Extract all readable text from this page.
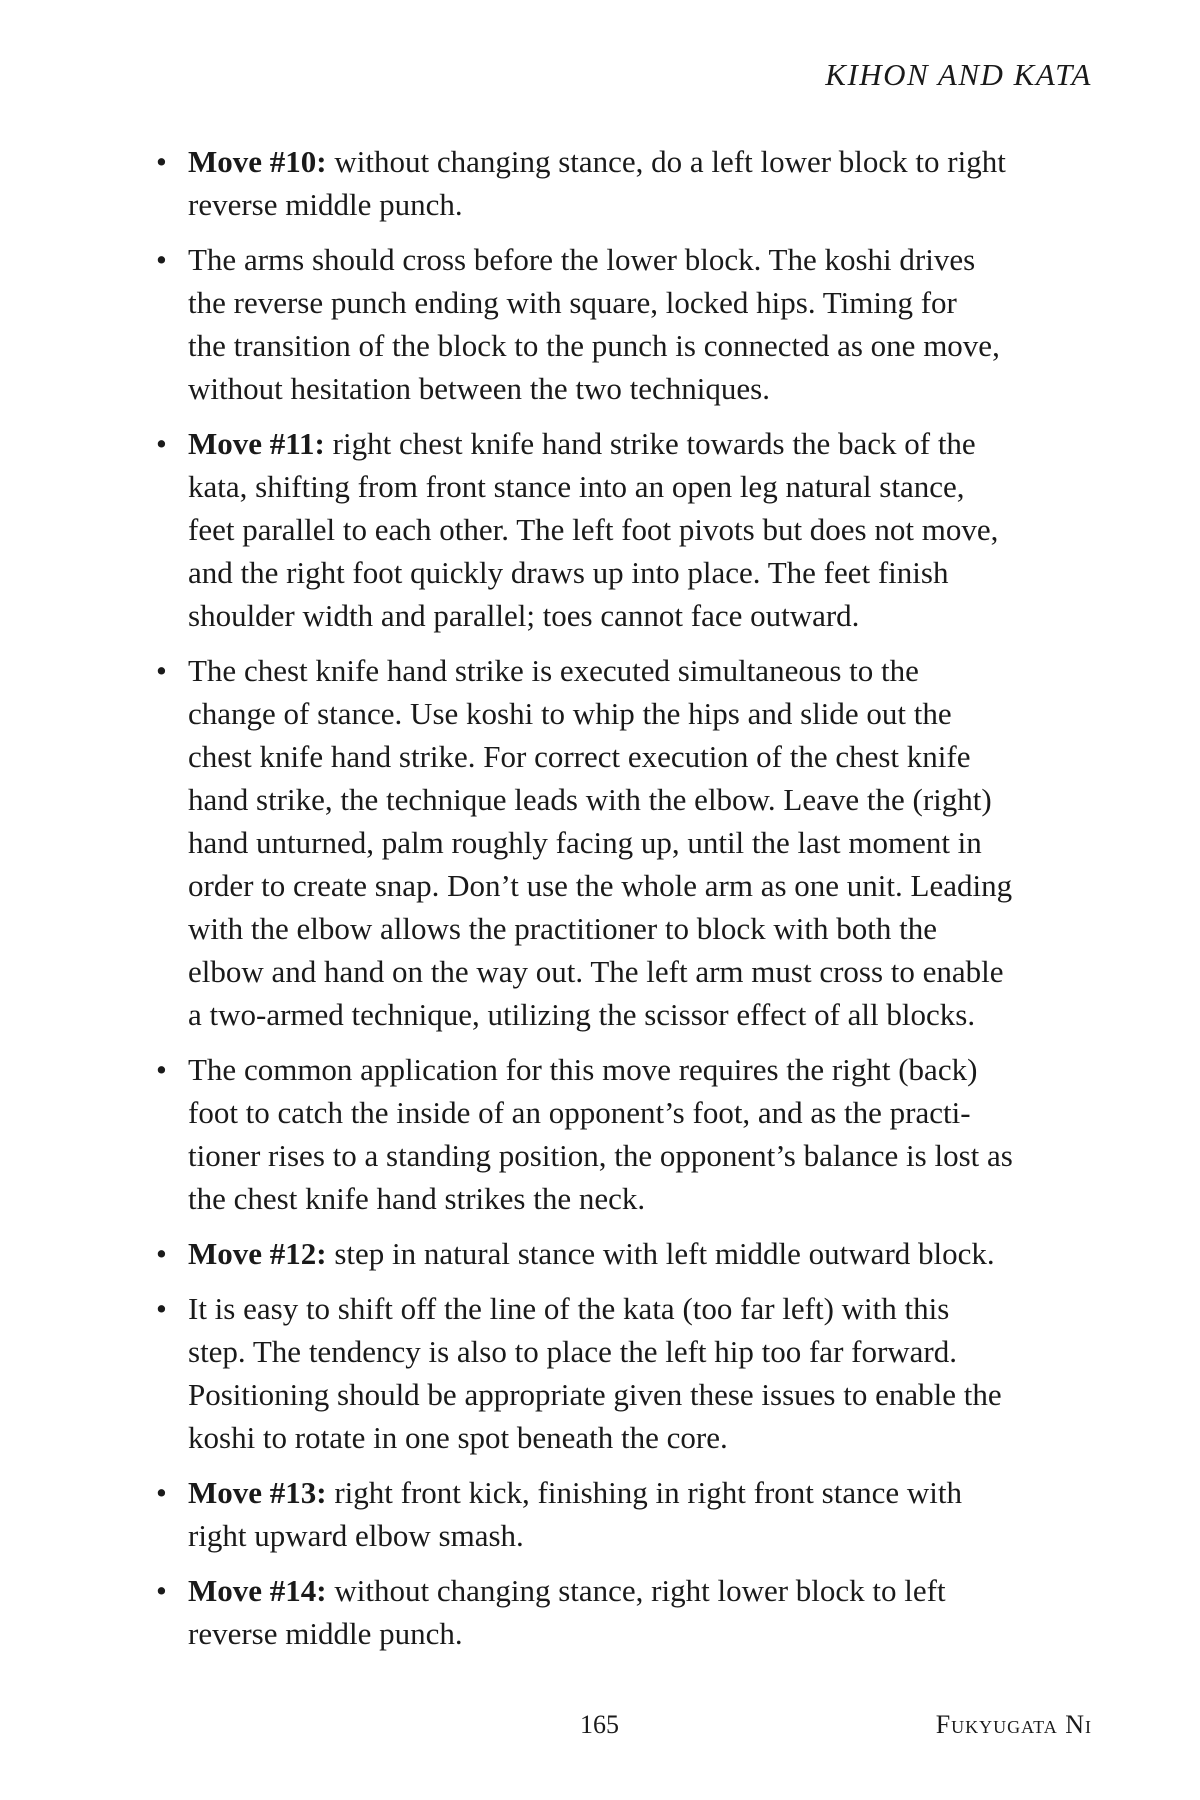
KIHON AND KATA
• Move #10: without changing stance, do a left lower block to right
reverse middle punch.
• The arms should cross before the lower block. The koshi drives
the reverse punch ending with square, locked hips. Timing for
the transition of the block to the punch is connected as one move,
without hesitation between the two techniques.
• Move #11: right chest knife hand strike towards the back of the
kata, shifting from front stance into an open leg natural stance,
feet parallel to each other. The left foot pivots but does not move,
and the right foot quickly draws up into place. The feet finish
shoulder width and parallel; toes cannot face outward.
• The chest knife hand strike is executed simultaneous to the
change of stance. Use koshi to whip the hips and slide out the
chest knife hand strike. For correct execution of the chest knife
hand strike, the technique leads with the elbow. Leave the (right)
hand unturned, palm roughly facing up, until the last moment in
order to create snap. Don’t use the whole arm as one unit. Leading
with the elbow allows the practitioner to block with both the
elbow and hand on the way out. The left arm must cross to enable
a two-armed technique, utilizing the scissor effect of all blocks.
• The common application for this move requires the right (back)
foot to catch the inside of an opponent’s foot, and as the practi-
tioner rises to a standing position, the opponent’s balance is lost as
the chest knife hand strikes the neck.
• Move #12: step in natural stance with left middle outward block.
• It is easy to shift off the line of the kata (too far left) with this
step. The tendency is also to place the left hip too far forward.
Positioning should be appropriate given these issues to enable the
koshi to rotate in one spot beneath the core.
• Move #13: right front kick, finishing in right front stance with
right upward elbow smash.
• Move #14: without changing stance, right lower block to left
reverse middle punch.
165	Fukyugata Ni
